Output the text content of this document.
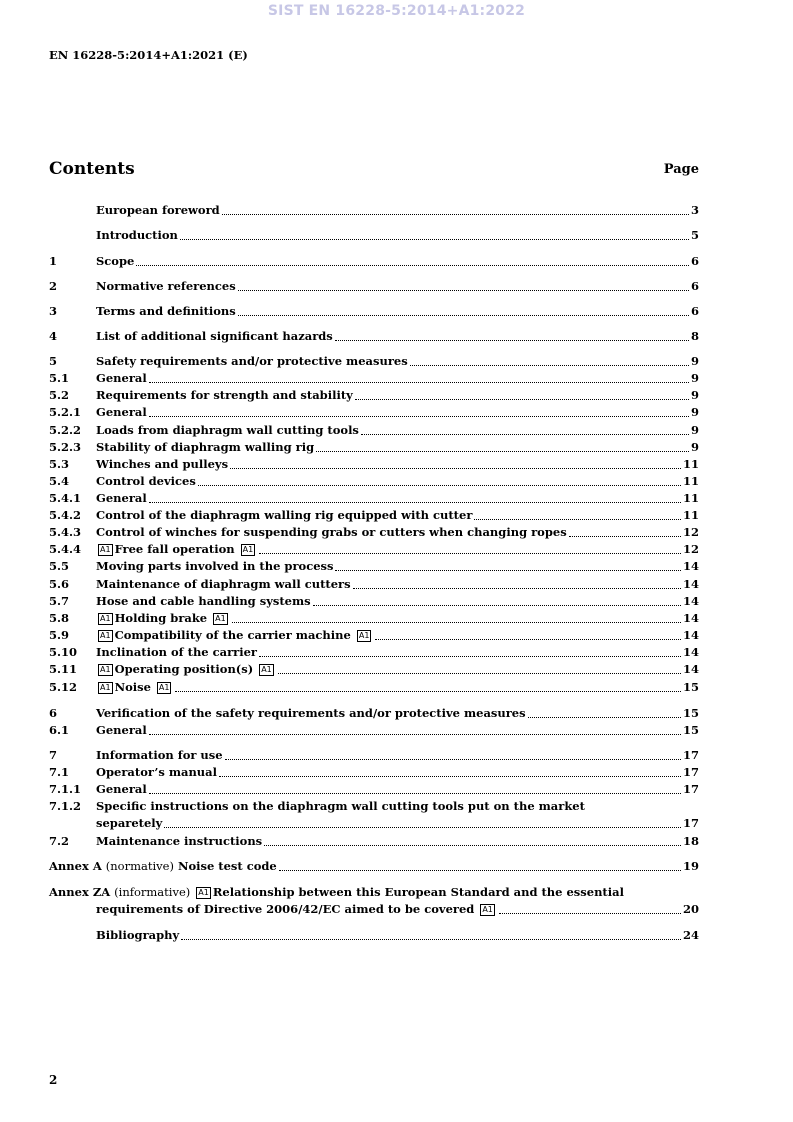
SIST EN 16228-5:2014+A1:2022
EN 16228-5:2014+A1:2021 (E)
Contents	Page
European foreword	3
Introduction	5
1	Scope	6
2	Normative references	6
3	Terms and definitions	6
4	List of additional significant hazards	8
5	Safety requirements and/or protective measures	9
5.1	General	9
5.2	Requirements for strength and stability	9
5.2.1	General	9
5.2.2	Loads from diaphragm wall cutting tools	9
5.2.3	Stability of diaphragm walling rig	9
5.3	Winches and pulleys	11
5.4	Control devices	11
5.4.1	General	11
5.4.2	Control of the diaphragm walling rig equipped with cutter	11
5.4.3	Control of winches for suspending grabs or cutters when changing ropes	12
5.4.4	A1 Free fall operation A1	12
5.5	Moving parts involved in the process	14
5.6	Maintenance of diaphragm wall cutters	14
5.7	Hose and cable handling systems	14
5.8	A1 Holding brake A1	14
5.9	A1 Compatibility of the carrier machine A1	14
5.10	Inclination of the carrier	14
5.11	A1 Operating position(s) A1	14
5.12	A1 Noise A1	15
6	Verification of the safety requirements and/or protective measures	15
6.1	General	15
7	Information for use	17
7.1	Operator’s manual	17
7.1.1	General	17
7.1.2	Specific instructions on the diaphragm wall cutting tools put on the market
separetely	17
7.2	Maintenance instructions	18
Annex A (normative) Noise test code	19
Annex ZA (informative) A1 Relationship between this European Standard and the essential
requirements of Directive 2006/42/EC aimed to be covered A1	20
Bibliography	24
2
